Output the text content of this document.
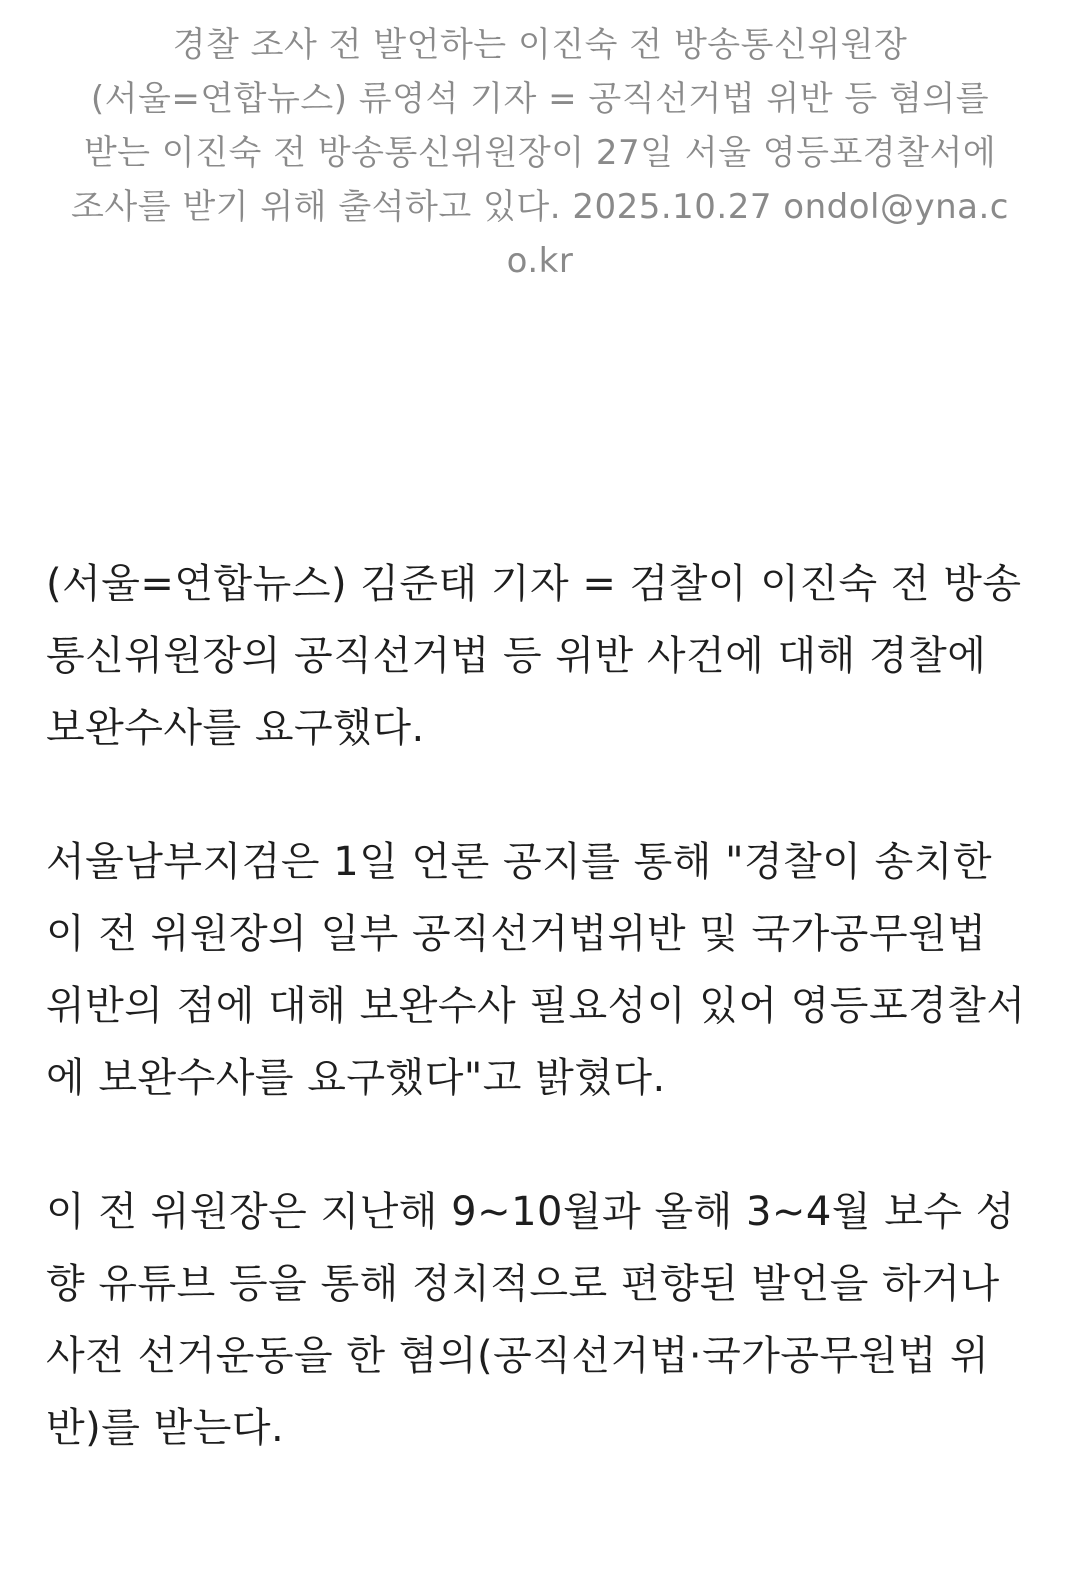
경찰 조사 전 발언하는 이진숙 전 방송통신위원장
(서울=연합뉴스) 류영석 기자 = 공직선거법 위반 등 혐의를 받는 이진숙 전 방송통신위원장이 27일 서울 영등포경찰서에 조사를 받기 위해 출석하고 있다. 2025.10.27 ondol@yna.co.kr

(서울=연합뉴스) 김준태 기자 = 검찰이 이진숙 전 방송통신위원장의 공직선거법 등 위반 사건에 대해 경찰에 보완수사를 요구했다.

서울남부지검은 1일 언론 공지를 통해 "경찰이 송치한 이 전 위원장의 일부 공직선거법위반 및 국가공무원법 위반의 점에 대해 보완수사 필요성이 있어 영등포경찰서에 보완수사를 요구했다"고 밝혔다.

이 전 위원장은 지난해 9~10월과 올해 3~4월 보수 성향 유튜브 등을 통해 정치적으로 편향된 발언을 하거나 사전 선거운동을 한 혐의(공직선거법·국가공무원법 위반)를 받는다.
